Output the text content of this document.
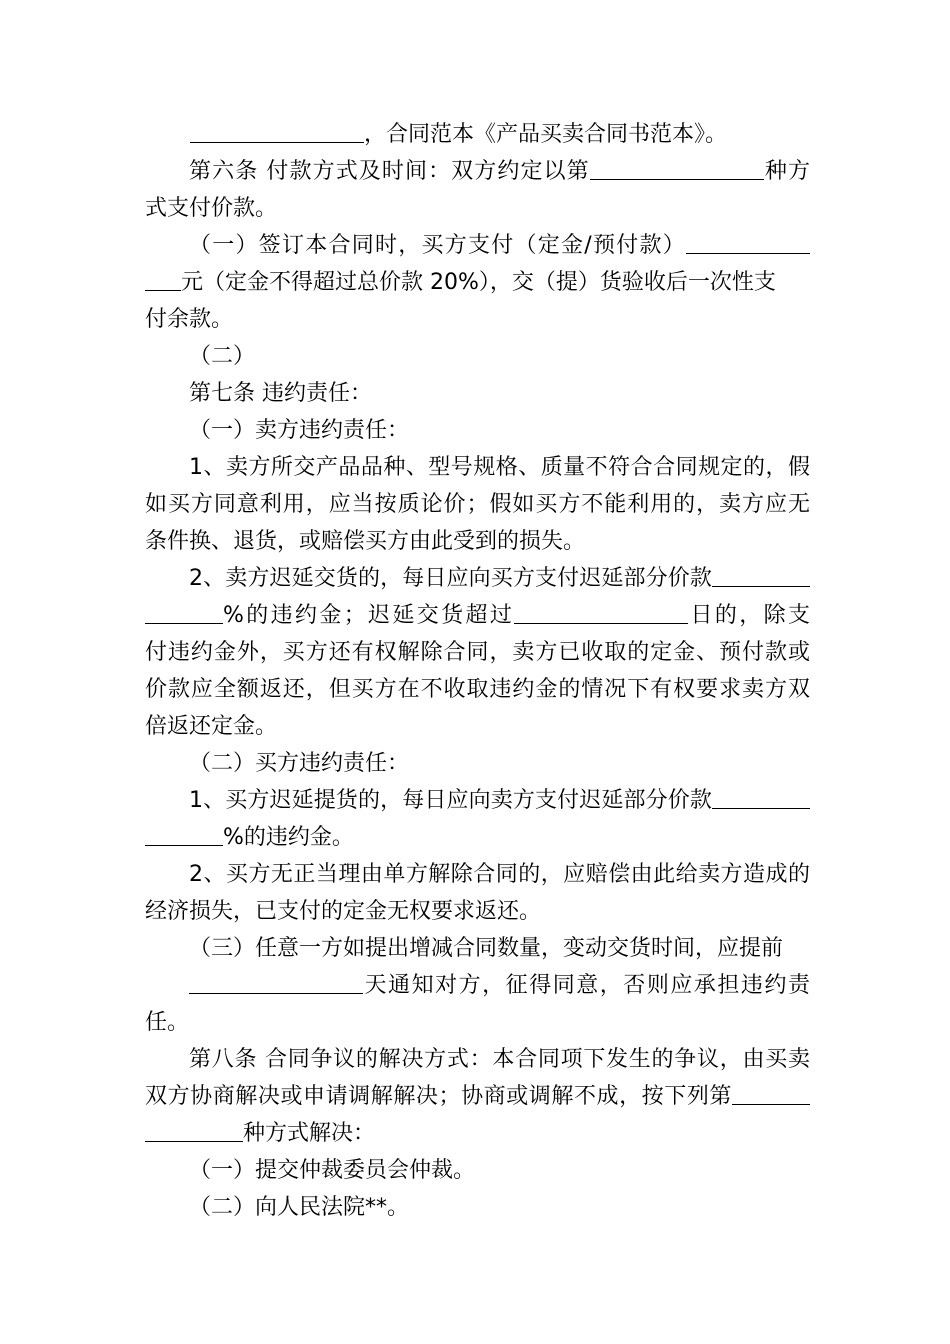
，合同范本《产品买卖合同书范本》。

第六条 付款方式及时间：双方约定以第	种方
式支付价款。

（一）签订本合同时，买方支付（定金/预付款）
元（定金不得超过总价款 20%），交（提）货验收后一次性支
付余款。

（二）

第七条 违约责任：

（一）卖方违约责任：

1、卖方所交产品品种、型号规格、质量不符合合同规定的，假
如买方同意利用，应当按质论价；假如买方不能利用的，卖方应无
条件换、退货，或赔偿买方由此受到的损失。

2、卖方迟延交货的，每日应向买方支付迟延部分价款
%的违约金；迟延交货超过	日的，除支
付违约金外，买方还有权解除合同，卖方已收取的定金、预付款或
价款应全额返还，但买方在不收取违约金的情况下有权要求卖方双
倍返还定金。

（二）买方违约责任：

1、买方迟延提货的，每日应向卖方支付迟延部分价款
%的违约金。

2、买方无正当理由单方解除合同的，应赔偿由此给卖方造成的
经济损失，已支付的定金无权要求返还。

（三）任意一方如提出增减合同数量，变动交货时间，应提前
天通知对方，征得同意，否则应承担违约责
任。

第八条 合同争议的解决方式：本合同项下发生的争议，由买卖
双方协商解决或申请调解解决；协商或调解不成，按下列第
种方式解决：

（一）提交仲裁委员会仲裁。

（二）向人民法院**。
